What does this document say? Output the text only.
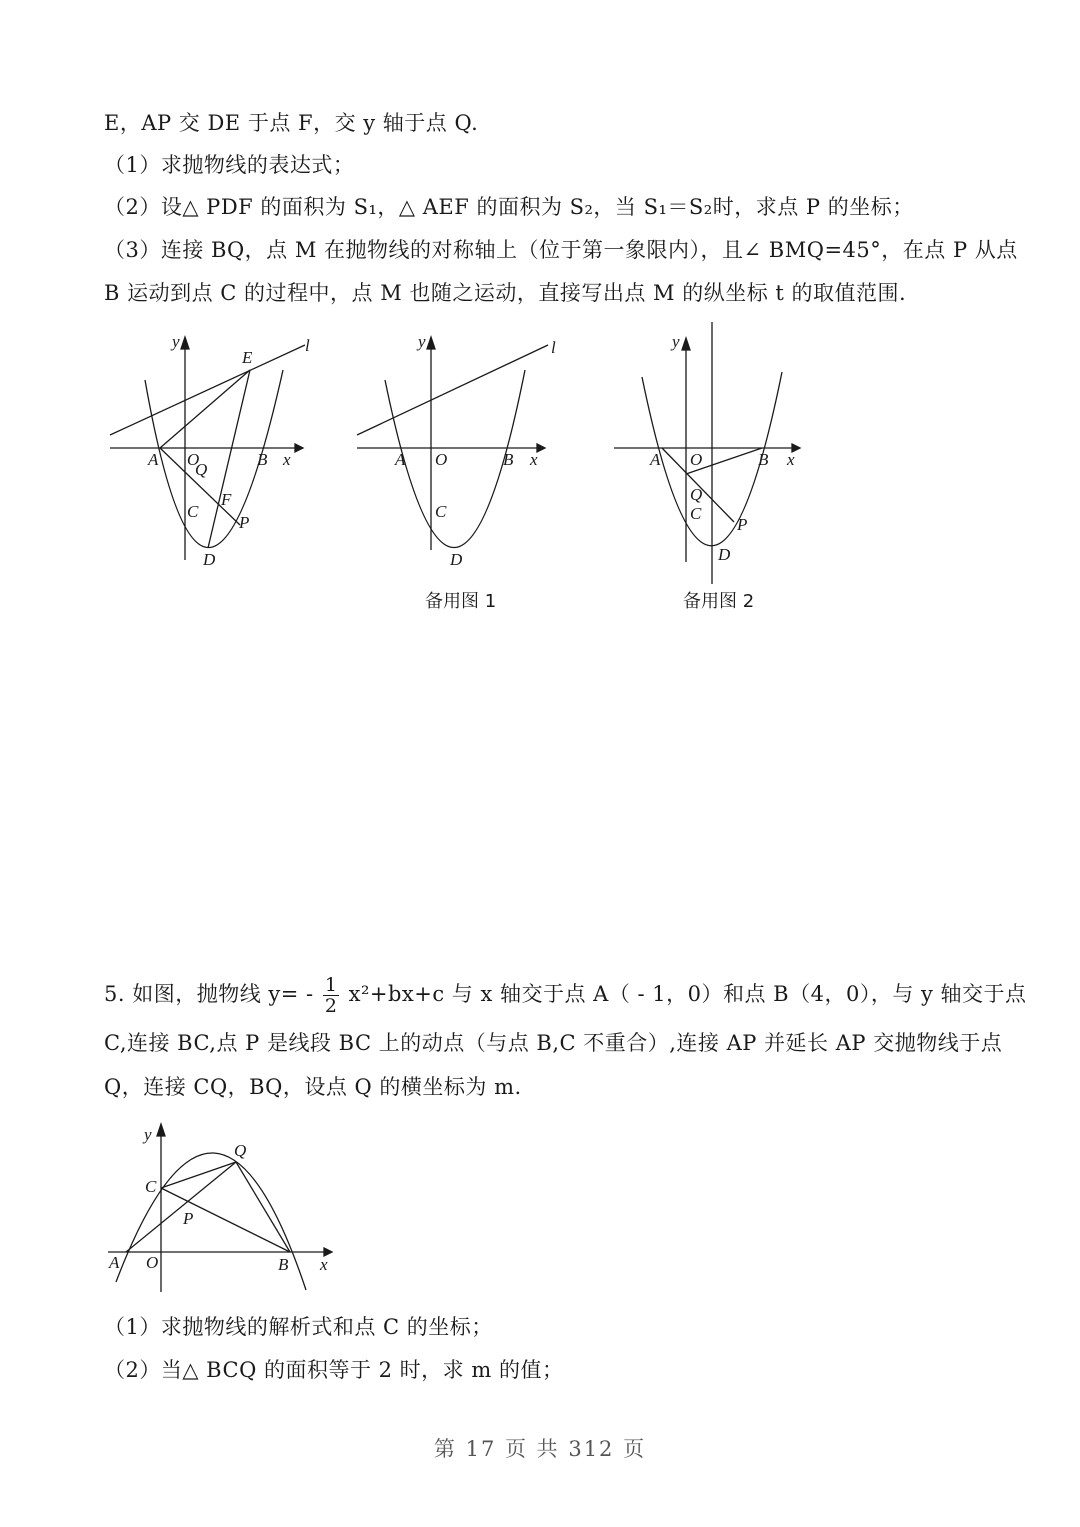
E，AP 交 DE 于点 F，交 y 轴于点 Q.
（1）求抛物线的表达式；
（2）设△ PDF 的面积为 S₁，△ AEF 的面积为 S₂，当 S₁＝S₂时，求点 P 的坐标；
（3）连接 BQ，点 M 在抛物线的对称轴上（位于第一象限内），且∠ BMQ=45°，在点 P 从点
B 运动到点 C 的过程中，点 M 也随之运动，直接写出点 M 的纵坐标 t 的取值范围.
y
E
l
A O
Q
B x
F
C
P
D
y	l
A O	B x
C
D
备用图 1
y
A O	B x
Q
C
P
D
备用图 2
5. 如图，抛物线 $y= - \frac{1}{2} x^2+bx+c$ 与 x 轴交于点 A（ - 1，0）和点 B（4，0），与 y 轴交于点
C,连接 BC,点 P 是线段 BC 上的动点（与点 B,C 不重合）,连接 AP 并延长 AP 交抛物线于点
Q，连接 CQ，BQ，设点 Q 的横坐标为 m.
y
Q
C
P
A O	B x
（1）求抛物线的解析式和点 C 的坐标；
（2）当△ BCQ 的面积等于 2 时，求 m 的值；
第 17 页 共 312 页
